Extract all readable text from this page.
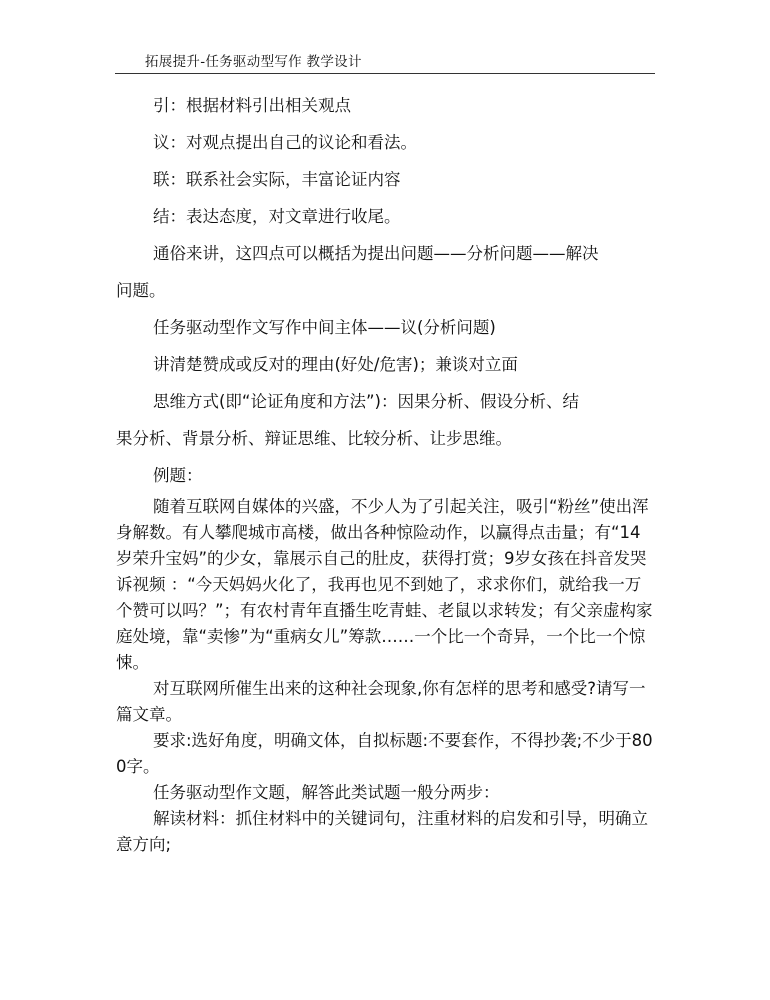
拓展提升-任务驱动型写作 教学设计

引：根据材料引出相关观点

议：对观点提出自己的议论和看法。

联：联系社会实际，丰富论证内容

结：表达态度，对文章进行收尾。

通俗来讲，这四点可以概括为提出问题——分析问题——解决

问题。

任务驱动型作文写作中间主体——议(分析问题)

讲清楚赞成或反对的理由(好处/危害)；兼谈对立面

思维方式(即“论证角度和方法”)：因果分析、假设分析、结

果分析、背景分析、辩证思维、比较分析、让步思维。

例题：

随着互联网自媒体的兴盛，不少人为了引起关注，吸引“粉丝”使出浑身解数。有人攀爬城市高楼，做出各种惊险动作，以赢得点击量；有“14岁荣升宝妈”的少女，靠展示自己的肚皮，获得打赏；9岁女孩在抖音发哭诉视频 ：“今天妈妈火化了，我再也见不到她了，求求你们，就给我一万个赞可以吗？”；有农村青年直播生吃青蛙、老鼠以求转发；有父亲虚构家庭处境，靠“卖惨”为“重病女儿”筹款……一个比一个奇异，一个比一个惊悚。

对互联网所催生出来的这种社会现象,你有怎样的思考和感受?请写一篇文章。

要求:选好角度，明确文体，自拟标题:不要套作，不得抄袭;不少于800字。

任务驱动型作文题，解答此类试题一般分两步：

解读材料：抓住材料中的关键词句，注重材料的启发和引导，明确立意方向;
